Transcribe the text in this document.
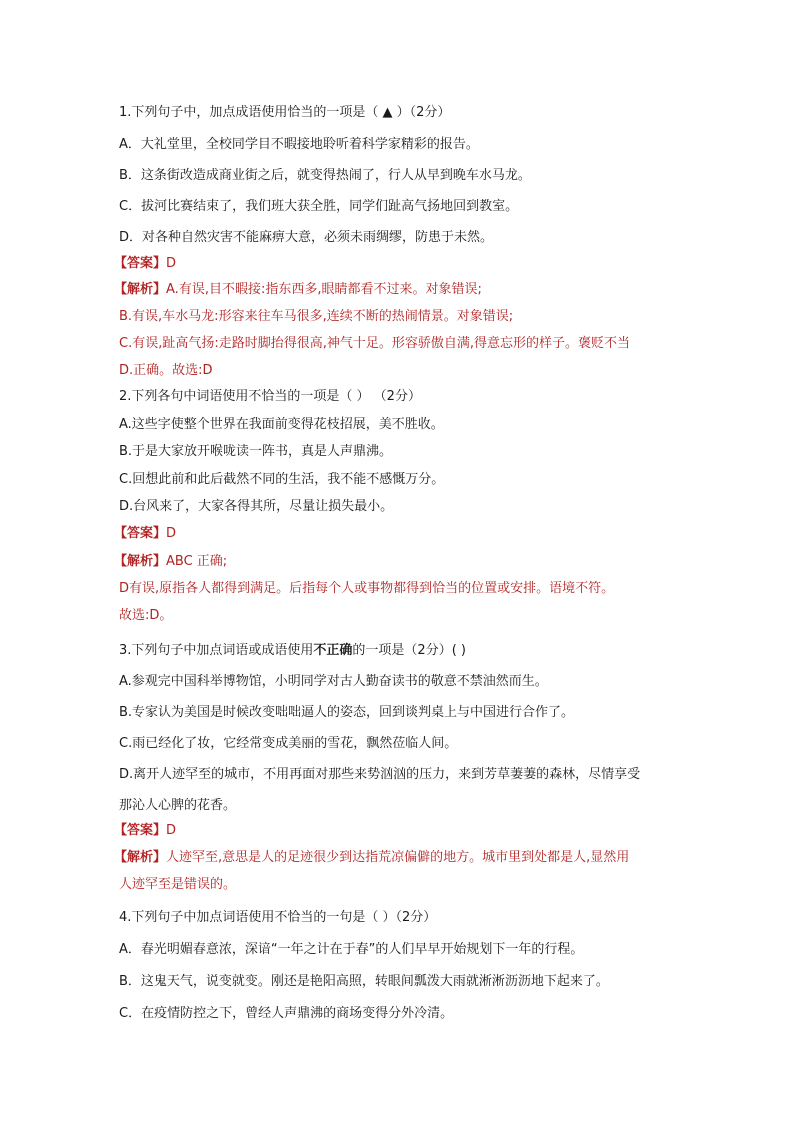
1.下列句子中，加点成语使用恰当的一项是（ ▲ ）（2分）
A．大礼堂里，全校同学目不暇接地聆听着科学家精彩的报告。
B．这条街改造成商业街之后，就变得热闹了，行人从早到晚车水马龙。
C．拔河比赛结束了，我们班大获全胜，同学们趾高气扬地回到教室。
D．对各种自然灾害不能麻痹大意，必须未雨绸缪，防患于未然。
【答案】D
【解析】A.有误,目不暇接:指东西多,眼睛都看不过来。对象错误;
B.有误,车水马龙:形容来往车马很多,连续不断的热闹情景。对象错误;
C.有误,趾高气扬:走路时脚抬得很高,神气十足。形容骄傲自满,得意忘形的样子。褒贬不当
D.正确。故选:D
2.下列各句中词语使用不恰当的一项是（ ） （2分）
A.这些字使整个世界在我面前变得花枝招展，美不胜收。
B.于是大家放开喉咙读一阵书，真是人声鼎沸。
C.回想此前和此后截然不同的生活，我不能不感慨万分。
D.台风来了，大家各得其所，尽量让损失最小。
【答案】D
【解析】ABC 正确;
D有误,原指各人都得到满足。后指每个人或事物都得到恰当的位置或安排。语境不符。
故选:D。
3.下列句子中加点词语或成语使用不正确的一项是（2分）( )
A.参观完中国科举博物馆，小明同学对古人勤奋读书的敬意不禁油然而生。
B.专家认为美国是时候改变咄咄逼人的姿态，回到谈判桌上与中国进行合作了。
C.雨已经化了妆，它经常变成美丽的雪花，飘然莅临人间。
D.离开人迹罕至的城市，不用再面对那些来势汹汹的压力，来到芳草萋萋的森林，尽情享受
那沁人心脾的花香。
【答案】D
【解析】人迹罕至,意思是人的足迹很少到达指荒凉偏僻的地方。城市里到处都是人,显然用
人迹罕至是错误的。
4.下列句子中加点词语使用不恰当的一句是（ ）（2分）
A．春光明媚春意浓，深谙“一年之计在于春”的人们早早开始规划下一年的行程。
B．这鬼天气，说变就变。刚还是艳阳高照，转眼间瓢泼大雨就淅淅沥沥地下起来了。
C．在疫情防控之下，曾经人声鼎沸的商场变得分外冷清。
